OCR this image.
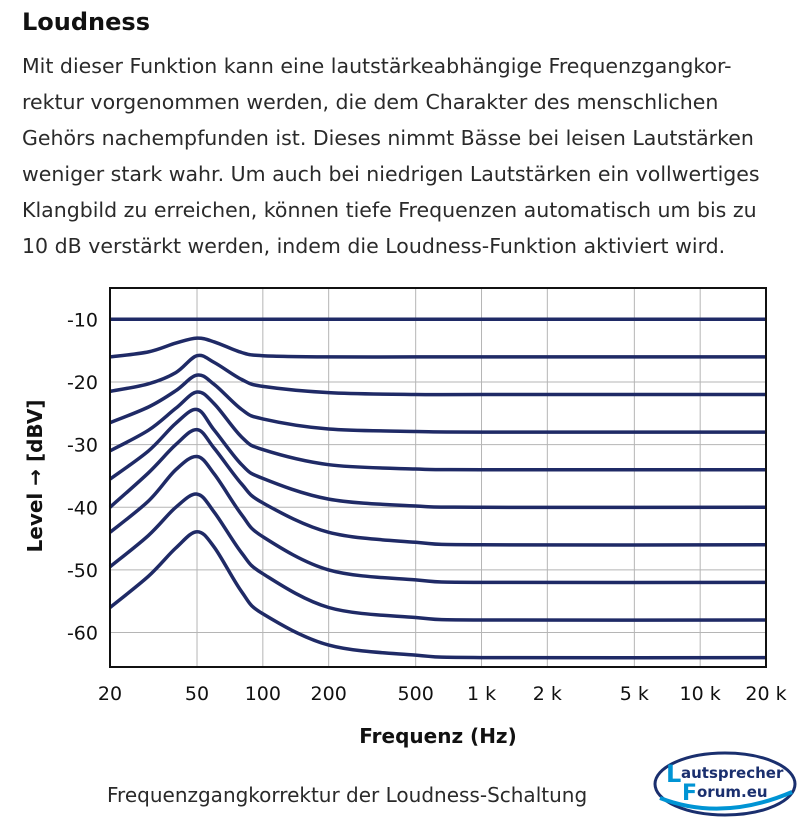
Loudness

Mit dieser Funktion kann eine lautstärkeabhängige Frequenzgangkor-
rektur vorgenommen werden, die dem Charakter des menschlichen
Gehörs nachempfunden ist. Dieses nimmt Bässe bei leisen Lautstärken
weniger stark wahr. Um auch bei niedrigen Lautstärken ein vollwertiges
Klangbild zu erreichen, können tiefe Frequenzen automatisch um bis zu
10 dB verstärkt werden, indem die Loudness-Funktion aktiviert wird.

20	50 100 200	500 1 k 2 k	5 k 10 k 20 k
-10
-20
-30
-40
-50
-60
Frequenz (Hz)
Level → [dBV]

Frequenzgangkorrektur der Loudness-Schaltung

L autsprecher
F orum.eu
